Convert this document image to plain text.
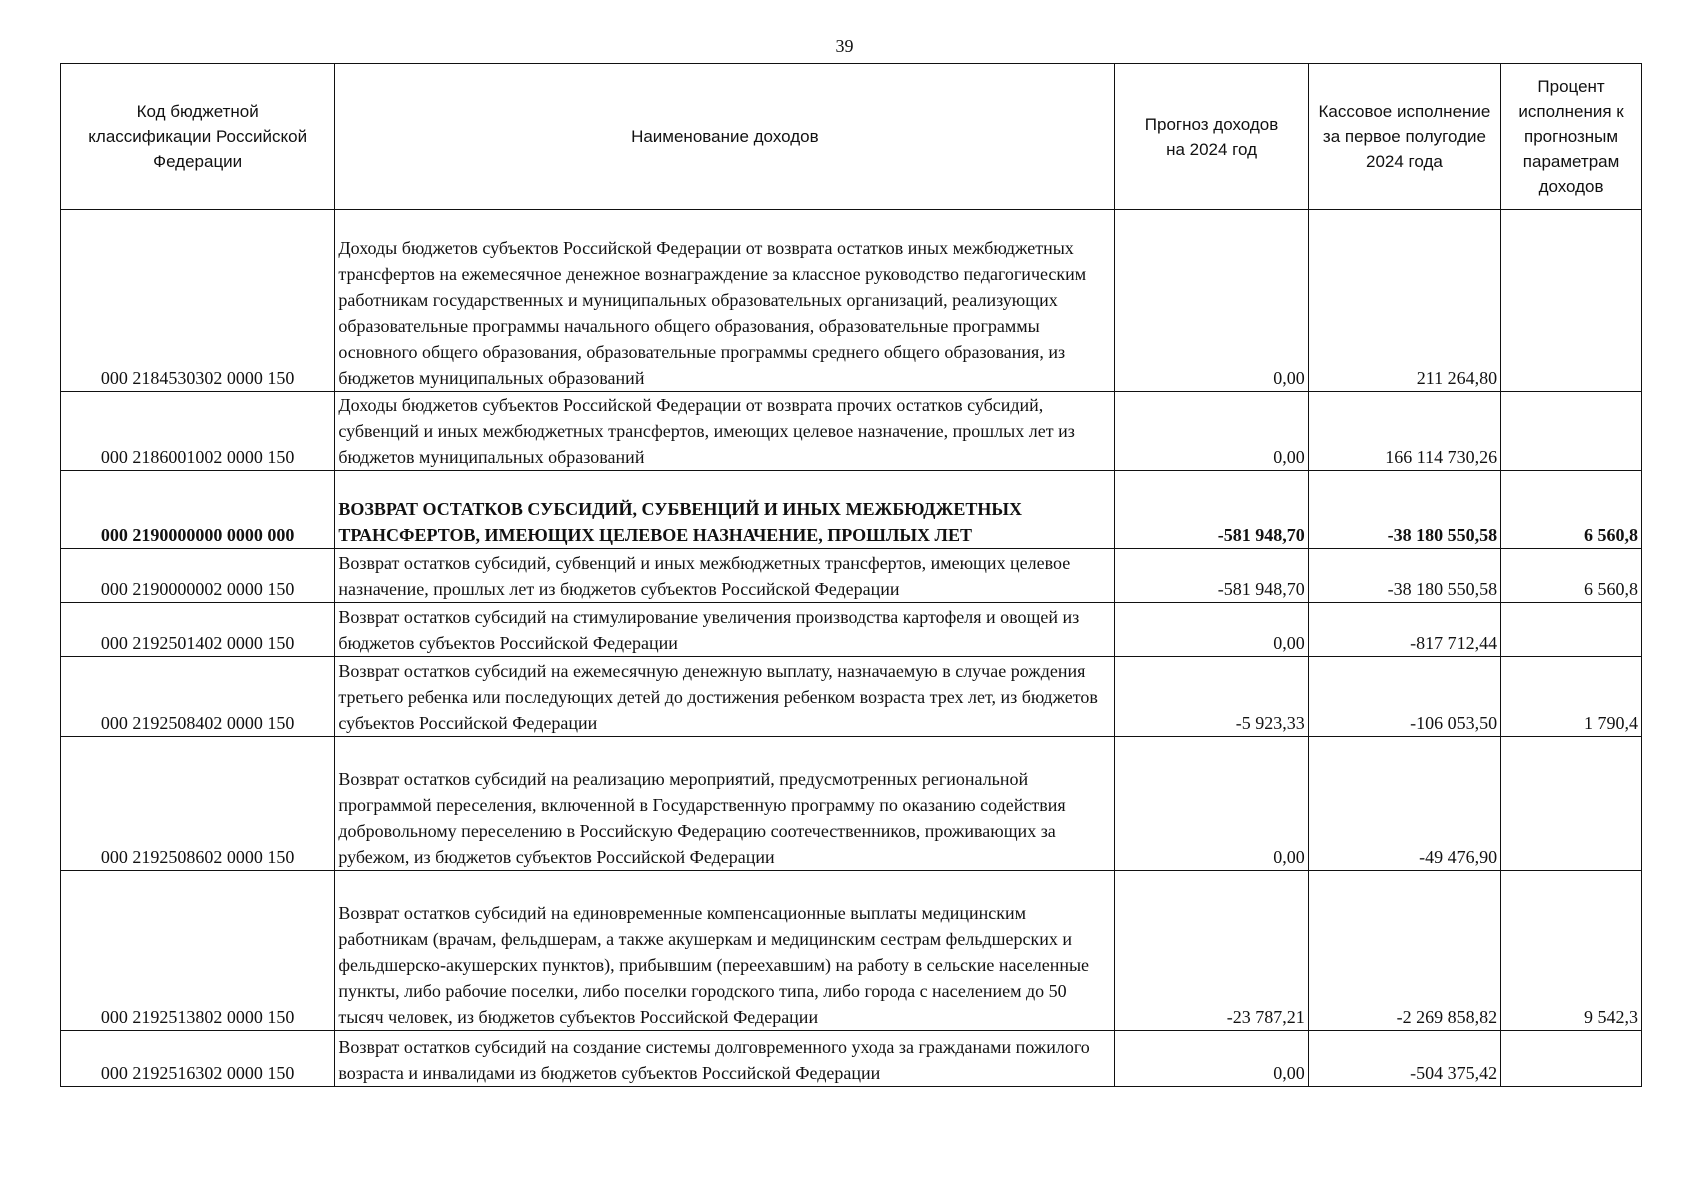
39
Код бюджетной классификации Российской Федерации	Наименование доходов	Прогноз доходов на 2024 год	Кассовое исполнение за первое полугодие 2024 года	Процент исполнения к прогнозным параметрам доходов
000 2184530302 0000 150	Доходы бюджетов субъектов Российской Федерации от возврата остатков иных межбюджетных трансфертов на ежемесячное денежное вознаграждение за классное руководство педагогическим работникам государственных и муниципальных образовательных организаций, реализующих образовательные программы начального общего образования, образовательные программы основного общего образования, образовательные программы среднего общего образования, из бюджетов муниципальных образований	0,00	211 264,80	
000 2186001002 0000 150	Доходы бюджетов субъектов Российской Федерации от возврата прочих остатков субсидий, субвенций и иных межбюджетных трансфертов, имеющих целевое назначение, прошлых лет из бюджетов муниципальных образований	0,00	166 114 730,26	
000 2190000000 0000 000	ВОЗВРАТ ОСТАТКОВ СУБСИДИЙ, СУБВЕНЦИЙ И ИНЫХ МЕЖБЮДЖЕТНЫХ ТРАНСФЕРТОВ, ИМЕЮЩИХ ЦЕЛЕВОЕ НАЗНАЧЕНИЕ, ПРОШЛЫХ ЛЕТ	-581 948,70	-38 180 550,58	6 560,8
000 2190000002 0000 150	Возврат остатков субсидий, субвенций и иных межбюджетных трансфертов, имеющих целевое назначение, прошлых лет из бюджетов субъектов Российской Федерации	-581 948,70	-38 180 550,58	6 560,8
000 2192501402 0000 150	Возврат остатков субсидий на стимулирование увеличения производства картофеля и овощей из бюджетов субъектов Российской Федерации	0,00	-817 712,44	
000 2192508402 0000 150	Возврат остатков субсидий на ежемесячную денежную выплату, назначаемую в случае рождения третьего ребенка или последующих детей до достижения ребенком возраста трех лет, из бюджетов субъектов Российской Федерации	-5 923,33	-106 053,50	1 790,4
000 2192508602 0000 150	Возврат остатков субсидий на реализацию мероприятий, предусмотренных региональной программой переселения, включенной в Государственную программу по оказанию содействия добровольному переселению в Российскую Федерацию соотечественников, проживающих за рубежом, из бюджетов субъектов Российской Федерации	0,00	-49 476,90	
000 2192513802 0000 150	Возврат остатков субсидий на единовременные компенсационные выплаты медицинским работникам (врачам, фельдшерам, а также акушеркам и медицинским сестрам фельдшерских и фельдшерско-акушерских пунктов), прибывшим (переехавшим) на работу в сельские населенные пункты, либо рабочие поселки, либо поселки городского типа, либо города с населением до 50 тысяч человек, из бюджетов субъектов Российской Федерации	-23 787,21	-2 269 858,82	9 542,3
000 2192516302 0000 150	Возврат остатков субсидий на создание системы долговременного ухода за гражданами пожилого возраста и инвалидами из бюджетов субъектов Российской Федерации	0,00	-504 375,42	
